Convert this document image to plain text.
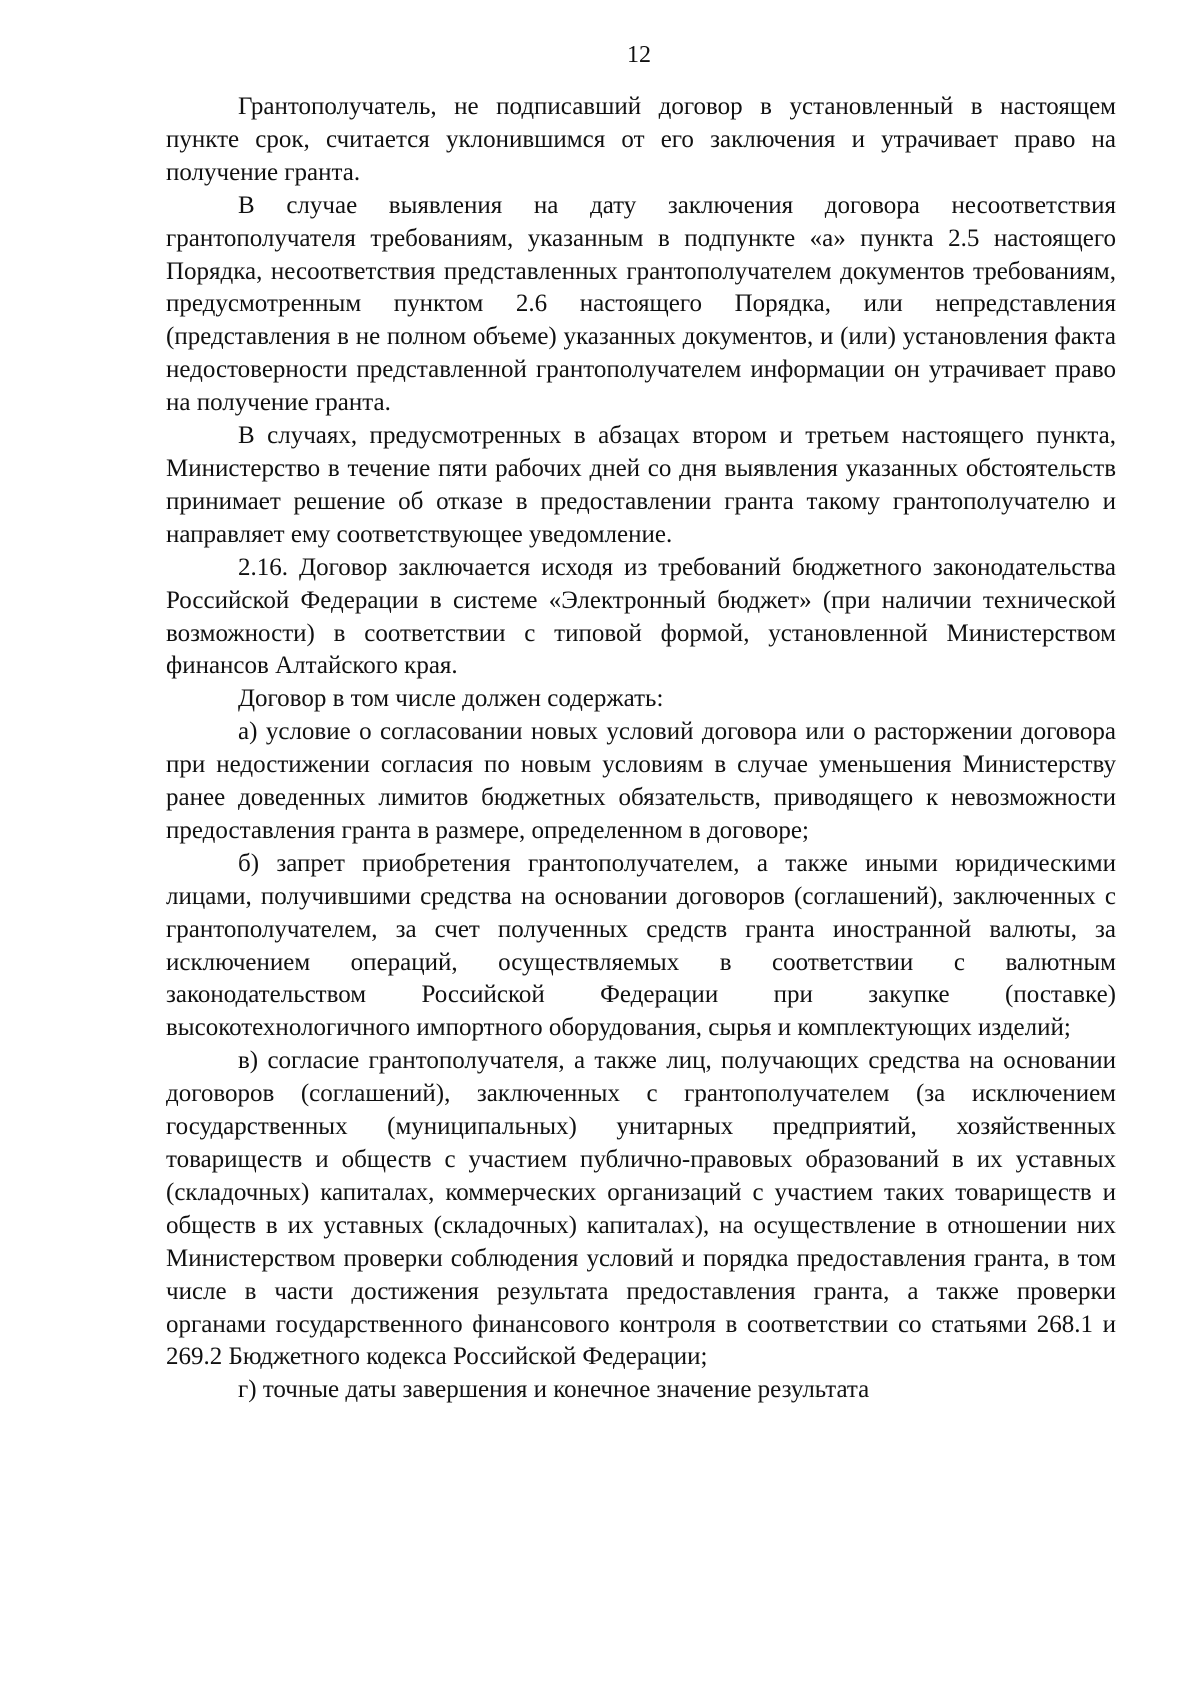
12

Грантополучатель, не подписавший договор в установленный в настоящем пункте срок, считается уклонившимся от его заключения и утрачивает право на получение гранта.

В случае выявления на дату заключения договора несоответствия грантополучателя требованиям, указанным в подпункте «а» пункта 2.5 настоящего Порядка, несоответствия представленных грантополучателем документов требованиям, предусмотренным пунктом 2.6 настоящего Порядка, или непредставления (представления в не полном объеме) указанных документов, и (или) установления факта недостоверности представленной грантополучателем информации он утрачивает право на получение гранта.

В случаях, предусмотренных в абзацах втором и третьем настоящего пункта, Министерство в течение пяти рабочих дней со дня выявления указанных обстоятельств принимает решение об отказе в предоставлении гранта такому грантополучателю и направляет ему соответствующее уведомление.

2.16. Договор заключается исходя из требований бюджетного законодательства Российской Федерации в системе «Электронный бюджет» (при наличии технической возможности) в соответствии с типовой формой, установленной Министерством финансов Алтайского края.

Договор в том числе должен содержать:

а) условие о согласовании новых условий договора или о расторжении договора при недостижении согласия по новым условиям в случае уменьшения Министерству ранее доведенных лимитов бюджетных обязательств, приводящего к невозможности предоставления гранта в размере, определенном в договоре;

б) запрет приобретения грантополучателем, а также иными юридическими лицами, получившими средства на основании договоров (соглашений), заключенных с грантополучателем, за счет полученных средств гранта иностранной валюты, за исключением операций, осуществляемых в соответствии с валютным законодательством Российской Федерации при закупке (поставке) высокотехнологичного импортного оборудования, сырья и комплектующих изделий;

в) согласие грантополучателя, а также лиц, получающих средства на основании договоров (соглашений), заключенных с грантополучателем (за исключением государственных (муниципальных) унитарных предприятий, хозяйственных товариществ и обществ с участием публично-правовых образований в их уставных (складочных) капиталах, коммерческих организаций с участием таких товариществ и обществ в их уставных (складочных) капиталах), на осуществление в отношении них Министерством проверки соблюдения условий и порядка предоставления гранта, в том числе в части достижения результата предоставления гранта, а также проверки органами государственного финансового контроля в соответствии со статьями 268.1 и 269.2 Бюджетного кодекса Российской Федерации;

г) точные даты завершения и конечное значение результата
